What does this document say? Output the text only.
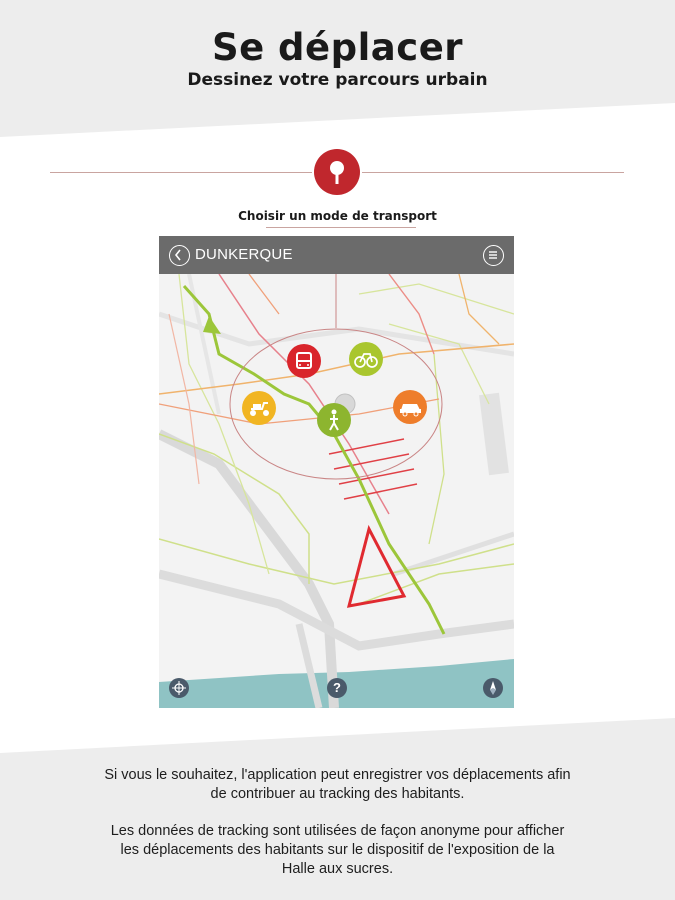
Se déplacer
Dessinez votre parcours urbain
Choisir un mode de transport
DUNKERQUE
?
Si vous le souhaitez, l'application peut enregistrer vos déplacements afin
de contribuer au tracking des habitants.
Les données de tracking sont utilisées de façon anonyme pour afficher
les déplacements des habitants sur le dispositif de l'exposition de la
Halle aux sucres.
